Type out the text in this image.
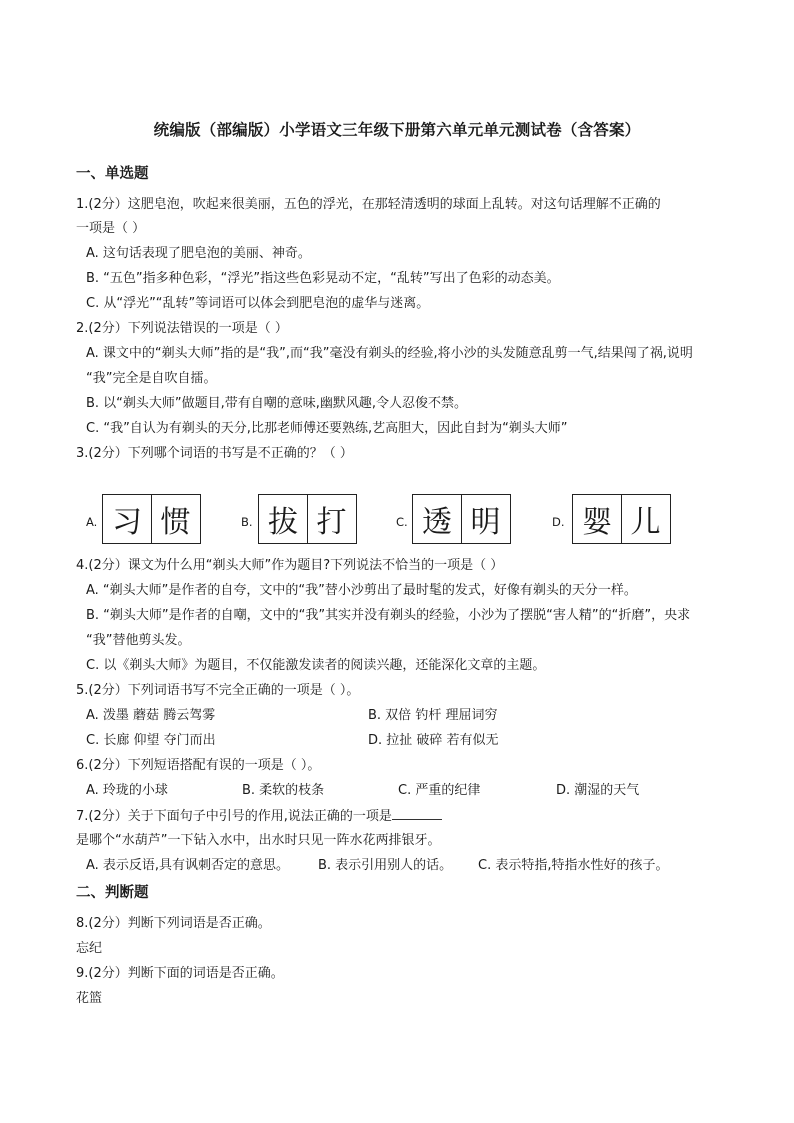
统编版（部编版）小学语文三年级下册第六单元单元测试卷（含答案）
一、单选题
1.(2分）这肥皂泡，吹起来很美丽，五色的浮光，在那轻清透明的球面上乱转。对这句话理解不正确的
一项是（ ）
A. 这句话表现了肥皂泡的美丽、神奇。
B. “五色”指多种色彩，“浮光”指这些色彩晃动不定，“乱转”写出了色彩的动态美。
C. 从“浮光”“乱转”等词语可以体会到肥皂泡的虚华与迷离。
2.(2分）下列说法错误的一项是（ ）
A. 课文中的“剃头大师”指的是“我”,而“我”毫没有剃头的经验,将小沙的头发随意乱剪一气,结果闯了祸,说明
“我”完全是自吹自擂。
B. 以“剃头大师”做题目,带有自嘲的意味,幽默风趣,令人忍俊不禁。
C. “我”自认为有剃头的天分,比那老师傅还要熟练,艺高胆大，因此自封为“剃头大师”
3.(2分）下列哪个词语的书写是不正确的？（ ）
A. 习 惯	B. 拔 打	C. 透 明	D. 婴 儿
4.(2分）课文为什么用“剃头大师”作为题目?下列说法不恰当的一项是（ ）
A. “剃头大师”是作者的自夸，文中的“我”替小沙剪出了最时髦的发式，好像有剃头的天分一样。
B. “剃头大师”是作者的自嘲，文中的“我”其实并没有剃头的经验，小沙为了摆脱“害人精”的“折磨”，央求
“我”替他剪头发。
C. 以《剃头大师》为题目，不仅能激发读者的阅读兴趣，还能深化文章的主题。
5.(2分）下列词语书写不完全正确的一项是（ ）。
A. 泼墨 蘑菇 腾云驾雾	B. 双倍 钓杆 理屈词穷
C. 长廊 仰望 夺门而出	D. 拉扯 破碎 若有似无
6.(2分）下列短语搭配有误的一项是（ ）。
A. 玲珑的小球	B. 柔软的枝条	C. 严重的纪律	D. 潮湿的天气
7.(2分）关于下面句子中引号的作用,说法正确的一项是
是哪个“水葫芦”一下钻入水中，出水时只见一阵水花两排银牙。
A. 表示反语,具有讽刺否定的意思。 B. 表示引用别人的话。 C. 表示特指,特指水性好的孩子。
二、判断题
8.(2分）判断下列词语是否正确。
忘纪
9.(2分）判断下面的词语是否正确。
花篮
